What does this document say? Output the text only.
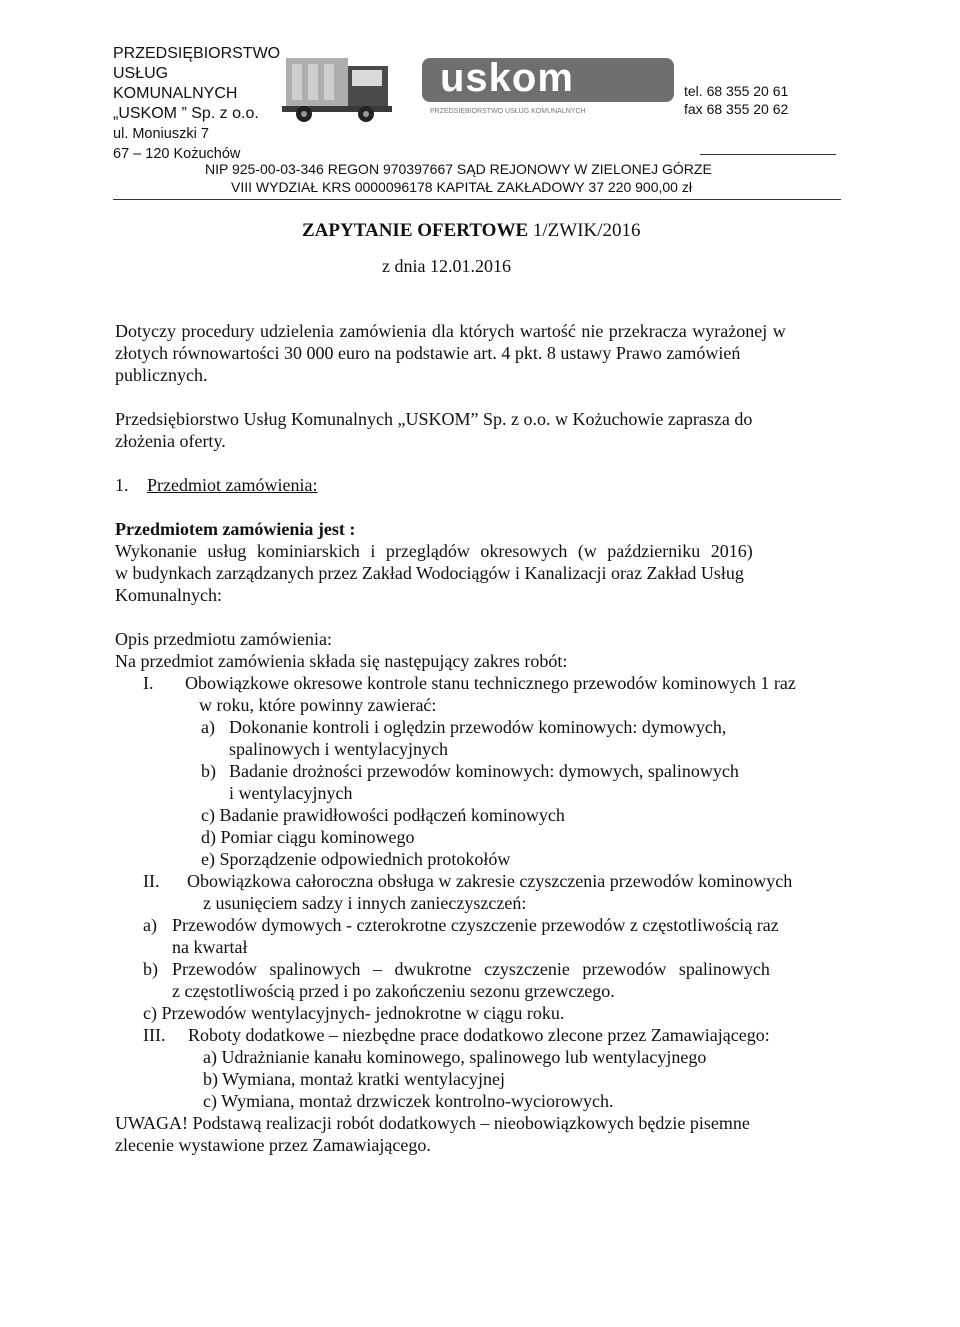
PRZEDSIĘBIORSTWO
USŁUG KOMUNALNYCH
„USKOM ” Sp. z o.o.
ul. Moniuszki 7
67 – 120 Kożuchów
uskom
PRZEDSIĘBIORSTWO USŁUG KOMUNALNYCH
tel. 68 355 20 61
fax 68 355 20 62
NIP 925-00-03-346 REGON 970397667 SĄD REJONOWY W ZIELONEJ GÓRZE
VIII WYDZIAŁ KRS 0000096178 KAPITAŁ ZAKŁADOWY 37 220 900,00 zł
ZAPYTANIE OFERTOWE 1/ZWIK/2016
z dnia 12.01.2016
Dotyczy procedury udzielenia zamówienia dla których wartość nie przekracza wyrażonej w
złotych równowartości 30 000 euro na podstawie art. 4 pkt. 8 ustawy Prawo zamówień
publicznych.
Przedsiębiorstwo Usług Komunalnych „USKOM” Sp. z o.o. w Kożuchowie zaprasza do
złożenia oferty.
1. Przedmiot zamówienia:
Przedmiotem zamówienia jest :
Wykonanie usług kominiarskich i przeglądów okresowych (w październiku 2016)
w budynkach zarządzanych przez Zakład Wodociągów i Kanalizacji oraz Zakład Usług
Komunalnych:
Opis przedmiotu zamówienia:
Na przedmiot zamówienia składa się następujący zakres robót:
I. Obowiązkowe okresowe kontrole stanu technicznego przewodów kominowych 1 raz
w roku, które powinny zawierać:
a) Dokonanie kontroli i oględzin przewodów kominowych: dymowych,
spalinowych i wentylacyjnych
b) Badanie drożności przewodów kominowych: dymowych, spalinowych
i wentylacyjnych
c) Badanie prawidłowości podłączeń kominowych
d) Pomiar ciągu kominowego
e) Sporządzenie odpowiednich protokołów
II. Obowiązkowa całoroczna obsługa w zakresie czyszczenia przewodów kominowych
z usunięciem sadzy i innych zanieczyszczeń:
a) Przewodów dymowych - czterokrotne czyszczenie przewodów z częstotliwością raz
na kwartał
b) Przewodów spalinowych – dwukrotne czyszczenie przewodów spalinowych
z częstotliwością przed i po zakończeniu sezonu grzewczego.
c) Przewodów wentylacyjnych- jednokrotne w ciągu roku.
III. Roboty dodatkowe – niezbędne prace dodatkowo zlecone przez Zamawiającego:
a) Udrażnianie kanału kominowego, spalinowego lub wentylacyjnego
b) Wymiana, montaż kratki wentylacyjnej
c) Wymiana, montaż drzwiczek kontrolno-wyciorowych.
UWAGA! Podstawą realizacji robót dodatkowych – nieobowiązkowych będzie pisemne
zlecenie wystawione przez Zamawiającego.
